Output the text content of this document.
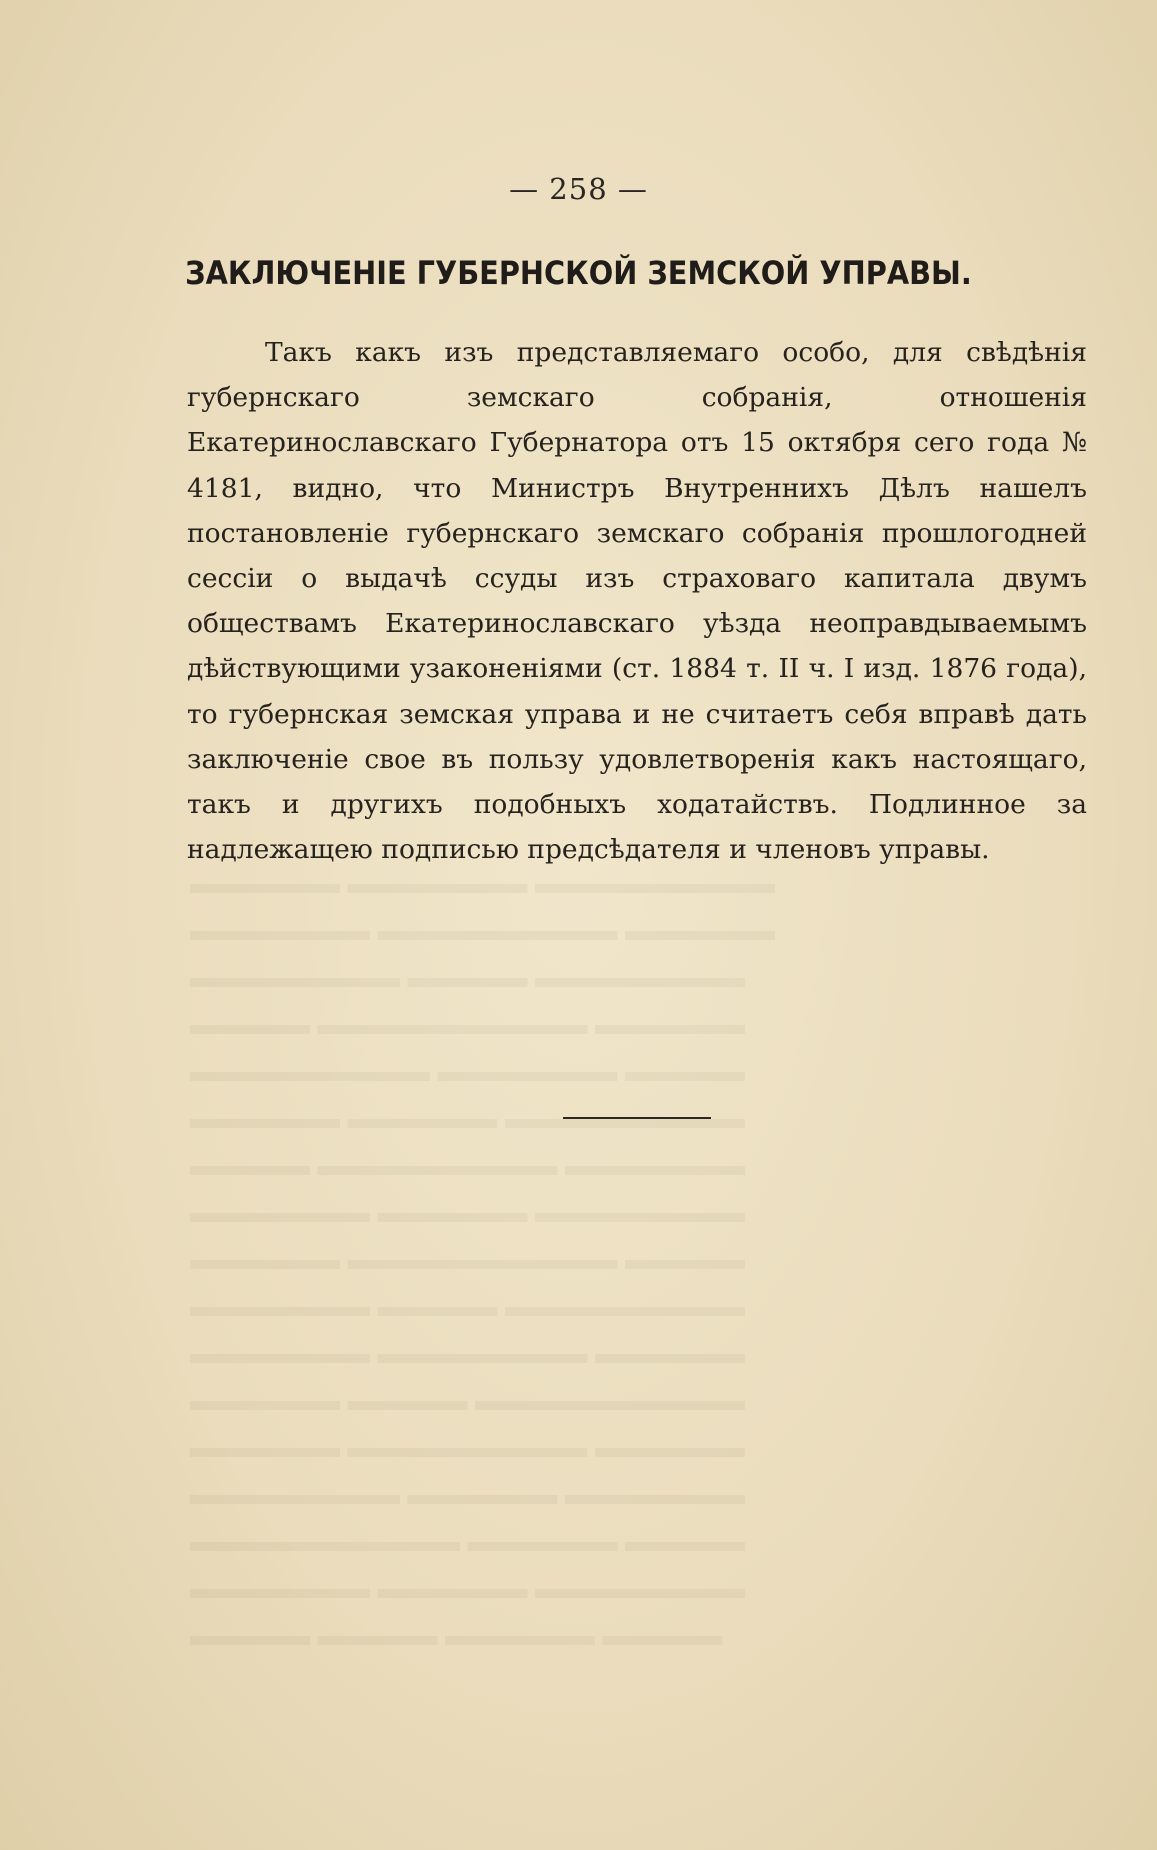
▬▬▬▬▬▬▬▬ ▬▬▬▬▬▬ ▬▬▬▬▬
▬▬▬▬▬ ▬▬▬▬▬▬▬▬ ▬▬▬▬▬▬
▬▬▬▬▬▬▬ ▬▬▬▬ ▬▬▬▬▬▬▬
▬▬▬▬▬ ▬▬▬▬▬▬▬▬▬ ▬▬▬▬
▬▬▬▬ ▬▬▬▬▬▬ ▬▬▬▬▬▬▬▬
▬▬▬▬▬▬▬▬ ▬▬▬▬▬ ▬▬▬▬▬
▬▬▬▬▬▬ ▬▬▬▬▬▬▬▬ ▬▬▬▬
▬▬▬▬▬▬▬ ▬▬▬▬▬ ▬▬▬▬▬▬
▬▬▬▬ ▬▬▬▬▬▬▬▬▬ ▬▬▬▬▬
▬▬▬▬▬▬▬▬ ▬▬▬▬ ▬▬▬▬▬▬
▬▬▬▬▬ ▬▬▬▬▬▬▬ ▬▬▬▬▬▬
▬▬▬▬▬▬▬▬▬ ▬▬▬▬ ▬▬▬▬▬
▬▬▬▬▬ ▬▬▬▬▬▬▬▬ ▬▬▬▬▬
▬▬▬▬▬▬ ▬▬▬▬▬ ▬▬▬▬▬▬▬
▬▬▬▬ ▬▬▬▬▬ ▬▬▬▬▬▬▬▬▬
▬▬▬▬▬▬▬ ▬▬▬▬▬ ▬▬▬▬▬▬
▬▬▬▬ ▬▬▬▬▬ ▬▬▬▬ ▬▬▬▬
— 258 —
ЗАКЛЮЧЕНІЕ ГУБЕРНСКОЙ ЗЕМСКОЙ УПРАВЫ.
Такъ какъ изъ представляемаго особо, для свѣдѣнія губернскаго земскаго собранія, отношенія Екатеринославскаго Губернатора отъ 15 октября сего года № 4181, видно, что Министръ Внутреннихъ Дѣлъ нашелъ постановленіе губернскаго земскаго собранія прошлогодней сессіи о выдачѣ ссуды изъ страховаго капитала двумъ обществамъ Екатеринославскаго уѣзда неоправдываемымъ дѣйствующими узаконеніями (ст. 1884 т. II ч. I изд. 1876 года), то губернская земская управа и не считаетъ себя вправѣ дать заключеніе свое въ пользу удовлетворенія какъ настоящаго, такъ и другихъ подобныхъ ходатайствъ. Подлинное за надлежащею подписью предсѣдателя и членовъ управы.
